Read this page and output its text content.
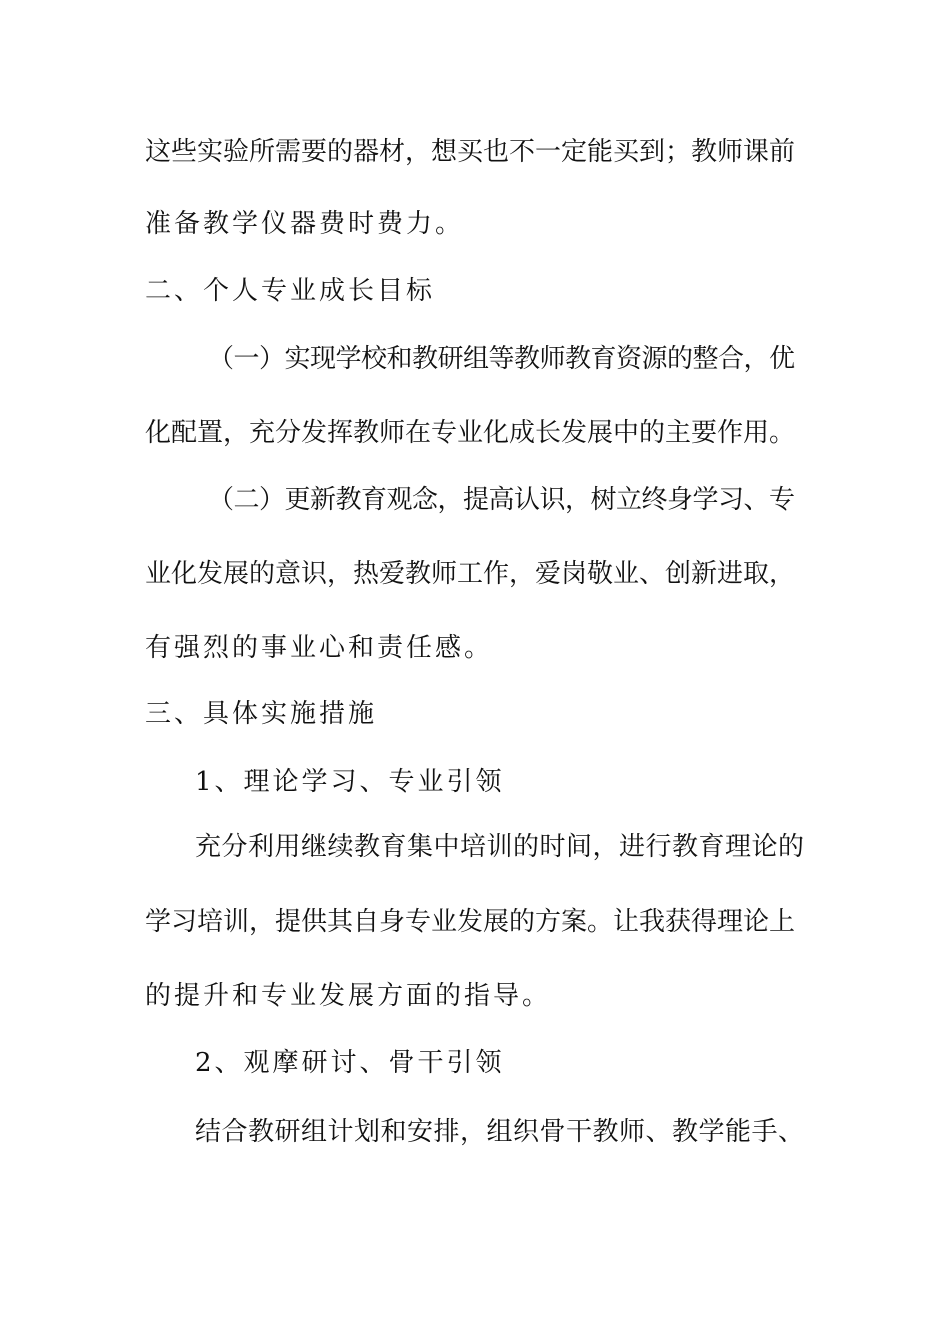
这些实验所需要的器材，想买也不一定能买到；教师课前
准备教学仪器费时费力。
二、个人专业成长目标
（一）实现学校和教研组等教师教育资源的整合，优
化配置，充分发挥教师在专业化成长发展中的主要作用。
（二）更新教育观念，提高认识，树立终身学习、专
业化发展的意识，热爱教师工作，爱岗敬业、创新进取，
有强烈的事业心和责任感。
三、具体实施措施
1、理论学习、专业引领
充分利用继续教育集中培训的时间，进行教育理论的
学习培训，提供其自身专业发展的方案。让我获得理论上
的提升和专业发展方面的指导。
2、观摩研讨、骨干引领
结合教研组计划和安排，组织骨干教师、教学能手、
